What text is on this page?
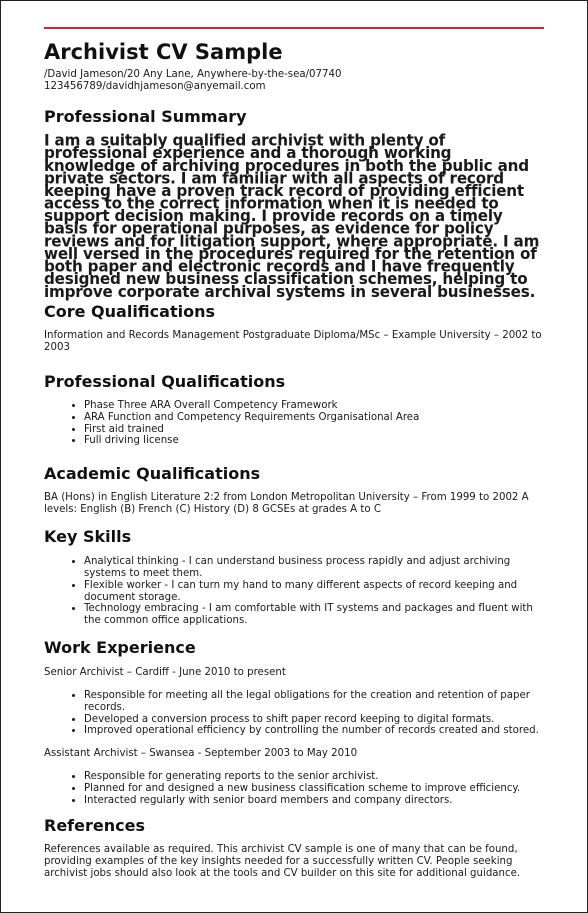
Archivist CV Sample
/David Jameson/20 Any Lane, Anywhere-by-the-sea/07740
123456789/davidhjameson@anyemail.com
Professional Summary

I am a suitably qualified archivist with plenty of professional experience and a thorough working knowledge of archiving procedures in both the public and private sectors. I am familiar with all aspects of record keeping have a proven track record of providing efficient access to the correct information when it is needed to support decision making. I provide records on a timely basis for operational purposes, as evidence for policy reviews and for litigation support, where appropriate. I am well versed in the procedures required for the retention of both paper and electronic records and I have frequently designed new business classification schemes, helping to improve corporate archival systems in several businesses.

Core Qualifications

Information and Records Management Postgraduate Diploma/MSc – Example University – 2002 to 2003

Professional Qualifications
• Phase Three ARA Overall Competency Framework
• ARA Function and Competency Requirements Organisational Area
• First aid trained
• Full driving license
Academic Qualifications

BA (Hons) in English Literature 2:2 from London Metropolitan University – From 1999 to 2002 A levels: English (B) French (C) History (D) 8 GCSEs at grades A to C

Key Skills
• Analytical thinking - I can understand business process rapidly and adjust archiving systems to meet them.
• Flexible worker - I can turn my hand to many different aspects of record keeping and document storage.
• Technology embracing - I am comfortable with IT systems and packages and fluent with the common office applications.
Work Experience

Senior Archivist – Cardiff - June 2010 to present

• Responsible for meeting all the legal obligations for the creation and retention of paper records.
• Developed a conversion process to shift paper record keeping to digital formats.
• Improved operational efficiency by controlling the number of records created and stored.

Assistant Archivist – Swansea - September 2003 to May 2010

• Responsible for generating reports to the senior archivist.
• Planned for and designed a new business classification scheme to improve efficiency.
• Interacted regularly with senior board members and company directors.
References

References available as required. This archivist CV sample is one of many that can be found, providing examples of the key insights needed for a successfully written CV. People seeking archivist jobs should also look at the tools and CV builder on this site for additional guidance.
